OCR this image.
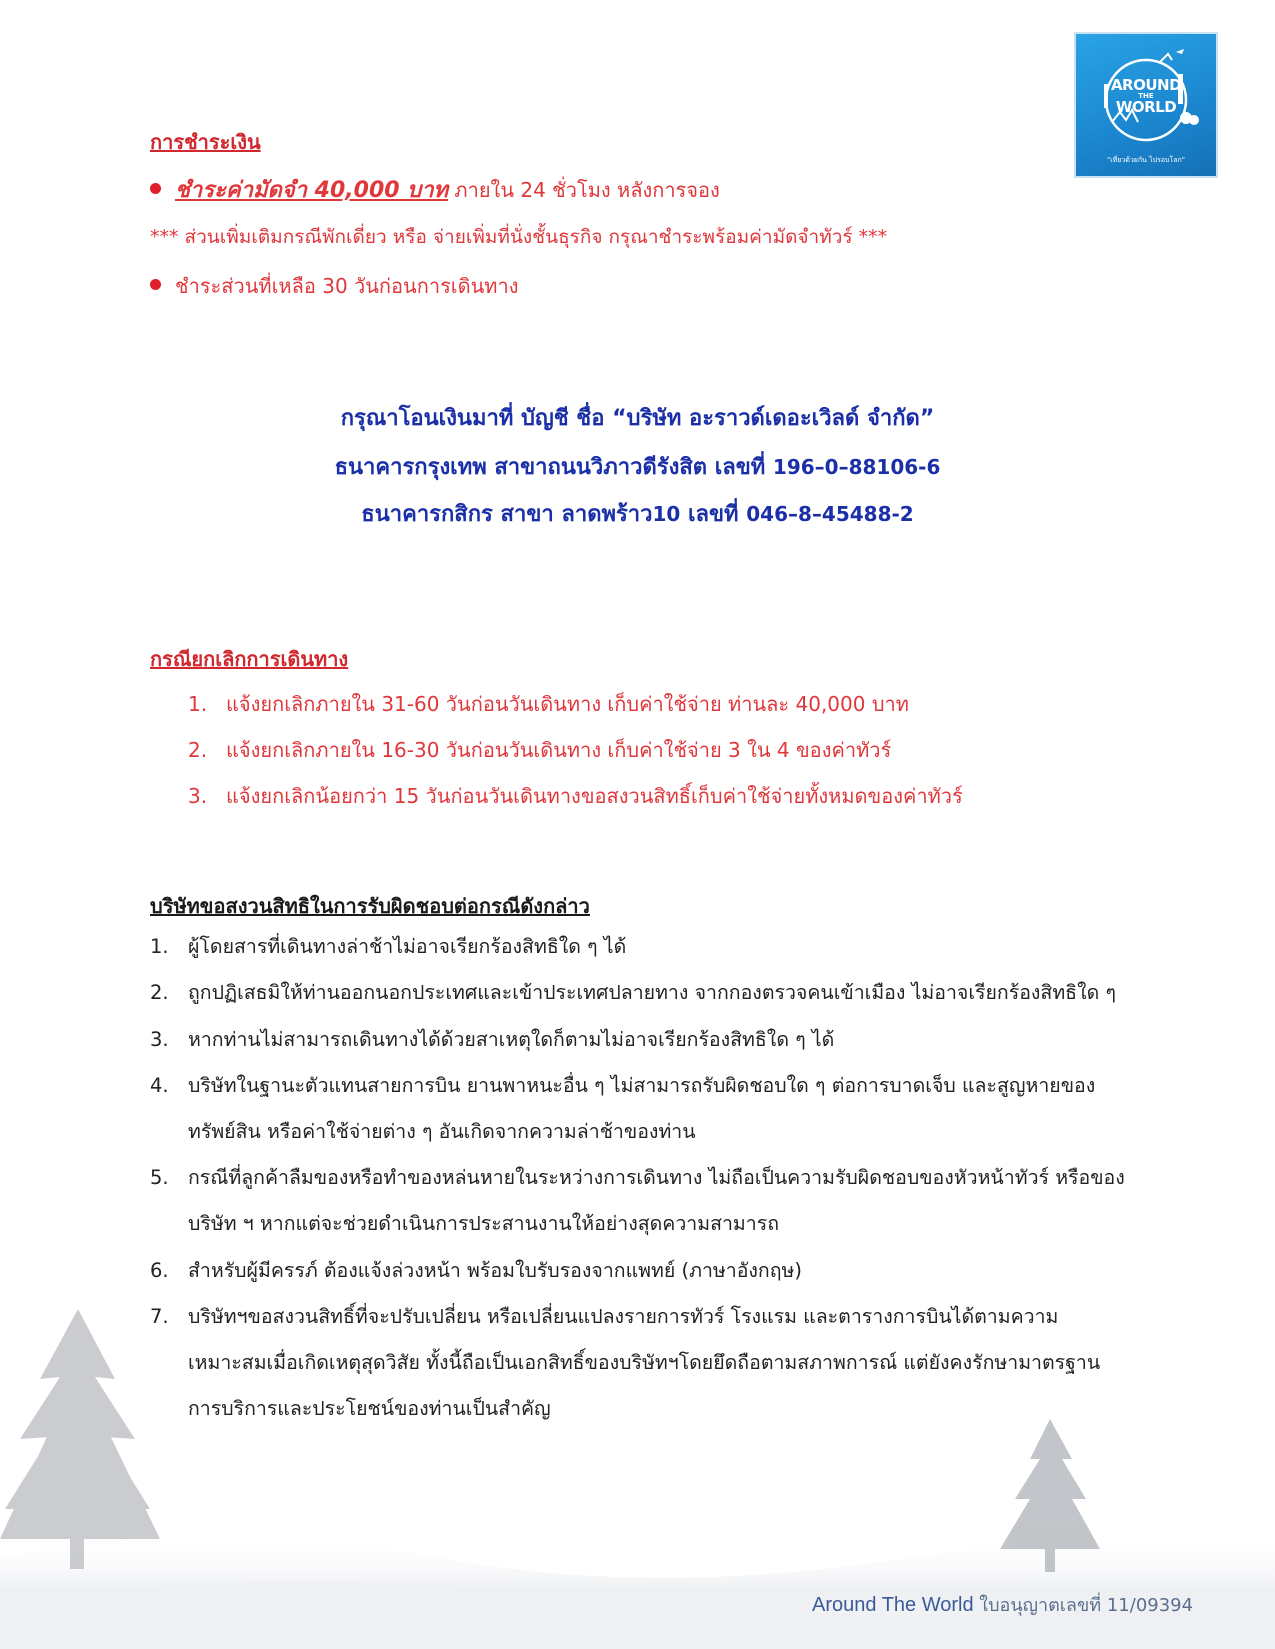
AROUND
THE
WORLD
"เที่ยวด้วยกัน ไปรอบโลก"
การชำระเงิน
ชำระค่ามัดจำ 40,000 บาท ภายใน 24 ชั่วโมง หลังการจอง
*** ส่วนเพิ่มเติมกรณีพักเดี่ยว หรือ จ่ายเพิ่มที่นั่งชั้นธุรกิจ กรุณาชำระพร้อมค่ามัดจำทัวร์ ***
ชำระส่วนที่เหลือ 30 วันก่อนการเดินทาง
กรุณาโอนเงินมาที่ บัญชี ชื่อ “บริษัท อะราวด์เดอะเวิลด์ จำกัด”
ธนาคารกรุงเทพ สาขาถนนวิภาวดีรังสิต เลขที่ 196–0–88106-6
ธนาคารกสิกร สาขา ลาดพร้าว10 เลขที่ 046–8–45488-2
กรณียกเลิกการเดินทาง
1. แจ้งยกเลิกภายใน 31-60 วันก่อนวันเดินทาง เก็บค่าใช้จ่าย ท่านละ 40,000 บาท
2. แจ้งยกเลิกภายใน 16-30 วันก่อนวันเดินทาง เก็บค่าใช้จ่าย 3 ใน 4 ของค่าทัวร์
3. แจ้งยกเลิกน้อยกว่า 15 วันก่อนวันเดินทางขอสงวนสิทธิ์เก็บค่าใช้จ่ายทั้งหมดของค่าทัวร์
บริษัทขอสงวนสิทธิในการรับผิดชอบต่อกรณีดังกล่าว
1. ผู้โดยสารที่เดินทางล่าช้าไม่อาจเรียกร้องสิทธิใด ๆ ได้
2. ถูกปฏิเสธมิให้ท่านออกนอกประเทศและเข้าประเทศปลายทาง จากกองตรวจคนเข้าเมือง ไม่อาจเรียกร้องสิทธิใด ๆ
3. หากท่านไม่สามารถเดินทางได้ด้วยสาเหตุใดก็ตามไม่อาจเรียกร้องสิทธิใด ๆ ได้
4. บริษัทในฐานะตัวแทนสายการบิน ยานพาหนะอื่น ๆ ไม่สามารถรับผิดชอบใด ๆ ต่อการบาดเจ็บ และสูญหายของ
ทรัพย์สิน หรือค่าใช้จ่ายต่าง ๆ อันเกิดจากความล่าช้าของท่าน
5. กรณีที่ลูกค้าลืมของหรือทำของหล่นหายในระหว่างการเดินทาง ไม่ถือเป็นความรับผิดชอบของหัวหน้าทัวร์ หรือของ
บริษัท ฯ หากแต่จะช่วยดำเนินการประสานงานให้อย่างสุดความสามารถ
6. สำหรับผู้มีครรภ์ ต้องแจ้งล่วงหน้า พร้อมใบรับรองจากแพทย์ (ภาษาอังกฤษ)
7. บริษัทฯขอสงวนสิทธิ์ที่จะปรับเปลี่ยน หรือเปลี่ยนแปลงรายการทัวร์ โรงแรม และตารางการบินได้ตามความ
เหมาะสมเมื่อเกิดเหตุสุดวิสัย ทั้งนี้ถือเป็นเอกสิทธิ์ของบริษัทฯโดยยึดถือตามสภาพการณ์ แต่ยังคงรักษามาตรฐาน
การบริการและประโยชน์ของท่านเป็นสำคัญ
Around The World ใบอนุญาตเลขที่ 11/09394
